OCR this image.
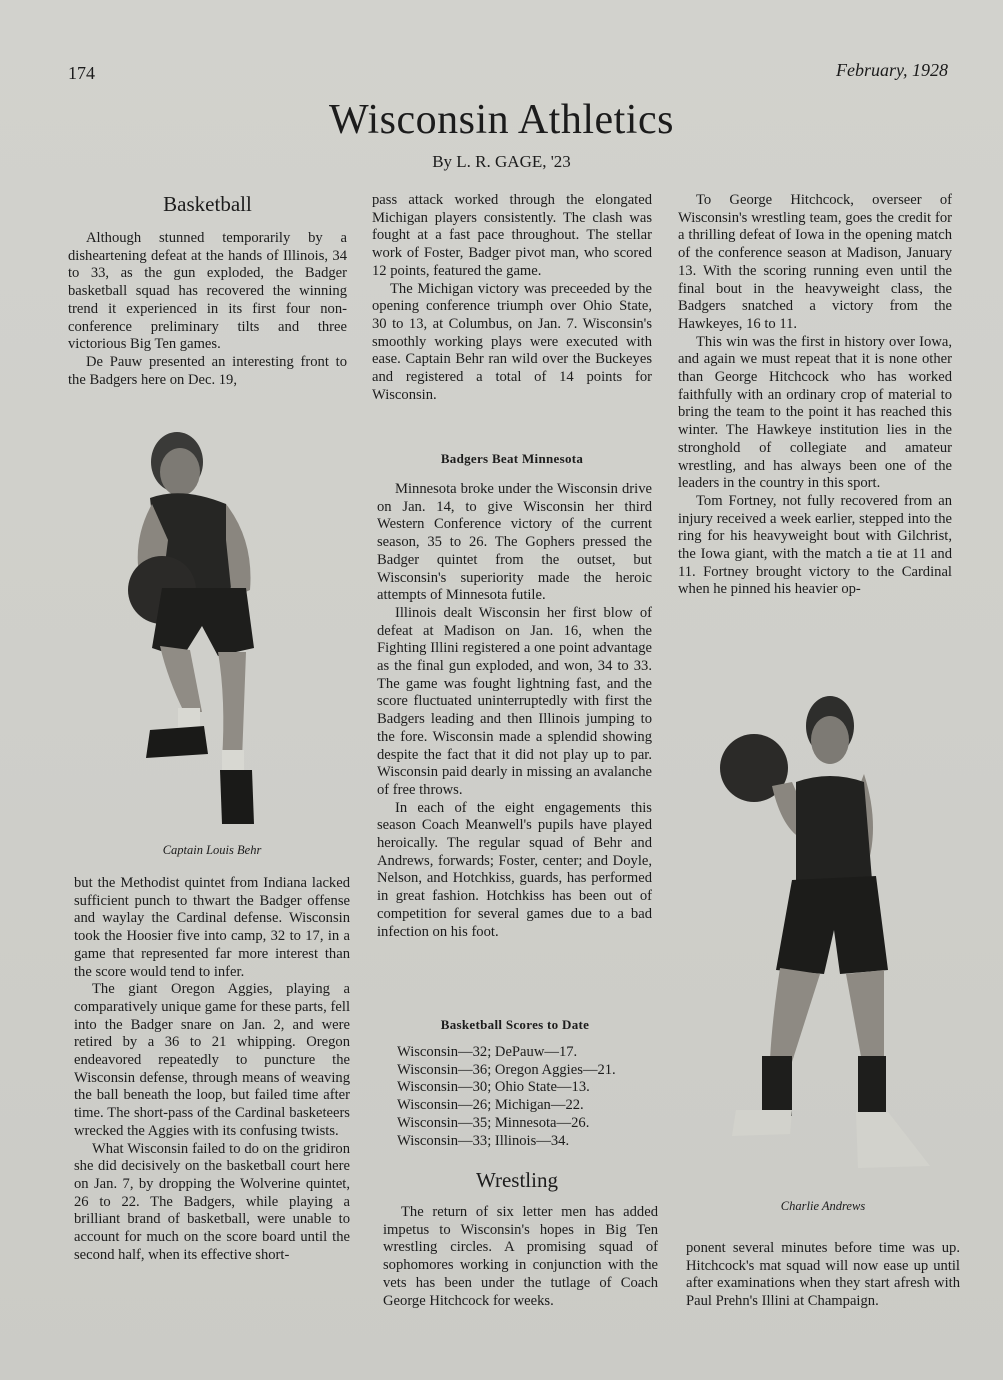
174	February, 1928
Wisconsin Athletics
By L. R. GAGE, '23
Basketball

Although stunned temporarily by a disheartening defeat at the hands of Illinois, 34 to 33, as the gun exploded, the Badger basketball squad has recovered the winning trend it experienced in its first four non-conference preliminary tilts and three victorious Big Ten games.

De Pauw presented an interesting front to the Badgers here on Dec. 19,

Captain Louis Behr

but the Methodist quintet from Indiana lacked sufficient punch to thwart the Badger offense and waylay the Cardinal defense. Wisconsin took the Hoosier five into camp, 32 to 17, in a game that represented far more interest than the score would tend to infer.

The giant Oregon Aggies, playing a comparatively unique game for these parts, fell into the Badger snare on Jan. 2, and were retired by a 36 to 21 whipping. Oregon endeavored repeatedly to puncture the Wisconsin defense, through means of weaving the ball beneath the loop, but failed time after time. The short-pass of the Cardinal basketeers wrecked the Aggies with its confusing twists.

What Wisconsin failed to do on the gridiron she did decisively on the basketball court here on Jan. 7, by dropping the Wolverine quintet, 26 to 22. The Badgers, while playing a brilliant brand of basketball, were unable to account for much on the score board until the second half, when its effective short-

pass attack worked through the elongated Michigan players consistently. The clash was fought at a fast pace throughout. The stellar work of Foster, Badger pivot man, who scored 12 points, featured the game.

The Michigan victory was preceeded by the opening conference triumph over Ohio State, 30 to 13, at Columbus, on Jan. 7. Wisconsin's smoothly working plays were executed with ease. Captain Behr ran wild over the Buckeyes and registered a total of 14 points for Wisconsin.

Badgers Beat Minnesota

Minnesota broke under the Wisconsin drive on Jan. 14, to give Wisconsin her third Western Conference victory of the current season, 35 to 26. The Gophers pressed the Badger quintet from the outset, but Wisconsin's superiority made the heroic attempts of Minnesota futile.

Illinois dealt Wisconsin her first blow of defeat at Madison on Jan. 16, when the Fighting Illini registered a one point advantage as the final gun exploded, and won, 34 to 33. The game was fought lightning fast, and the score fluctuated uninterruptedly with first the Badgers leading and then Illinois jumping to the fore. Wisconsin made a splendid showing despite the fact that it did not play up to par. Wisconsin paid dearly in missing an avalanche of free throws.

In each of the eight engagements this season Coach Meanwell's pupils have played heroically. The regular squad of Behr and Andrews, forwards; Foster, center; and Doyle, Nelson, and Hotchkiss, guards, has performed in great fashion. Hotchkiss has been out of competition for several games due to a bad infection on his foot.

Basketball Scores to Date
Wisconsin—32; DePauw—17.
Wisconsin—36; Oregon Aggies—21.
Wisconsin—30; Ohio State—13.
Wisconsin—26; Michigan—22.
Wisconsin—35; Minnesota—26.
Wisconsin—33; Illinois—34.
Wrestling

The return of six letter men has added impetus to Wisconsin's hopes in Big Ten wrestling circles. A promising squad of sophomores working in conjunction with the vets has been under the tutlage of Coach George Hitchcock for weeks.

To George Hitchcock, overseer of Wisconsin's wrestling team, goes the credit for a thrilling defeat of Iowa in the opening match of the conference season at Madison, January 13. With the scoring running even until the final bout in the heavyweight class, the Badgers snatched a victory from the Hawkeyes, 16 to 11.

This win was the first in history over Iowa, and again we must repeat that it is none other than George Hitchcock who has worked faithfully with an ordinary crop of material to bring the team to the point it has reached this winter. The Hawkeye institution lies in the stronghold of collegiate and amateur wrestling, and has always been one of the leaders in the country in this sport.

Tom Fortney, not fully recovered from an injury received a week earlier, stepped into the ring for his heavyweight bout with Gilchrist, the Iowa giant, with the match a tie at 11 and 11. Fortney brought victory to the Cardinal when he pinned his heavier op-

Charlie Andrews

ponent several minutes before time was up. Hitchcock's mat squad will now ease up until after examinations when they start afresh with Paul Prehn's Illini at Champaign.
